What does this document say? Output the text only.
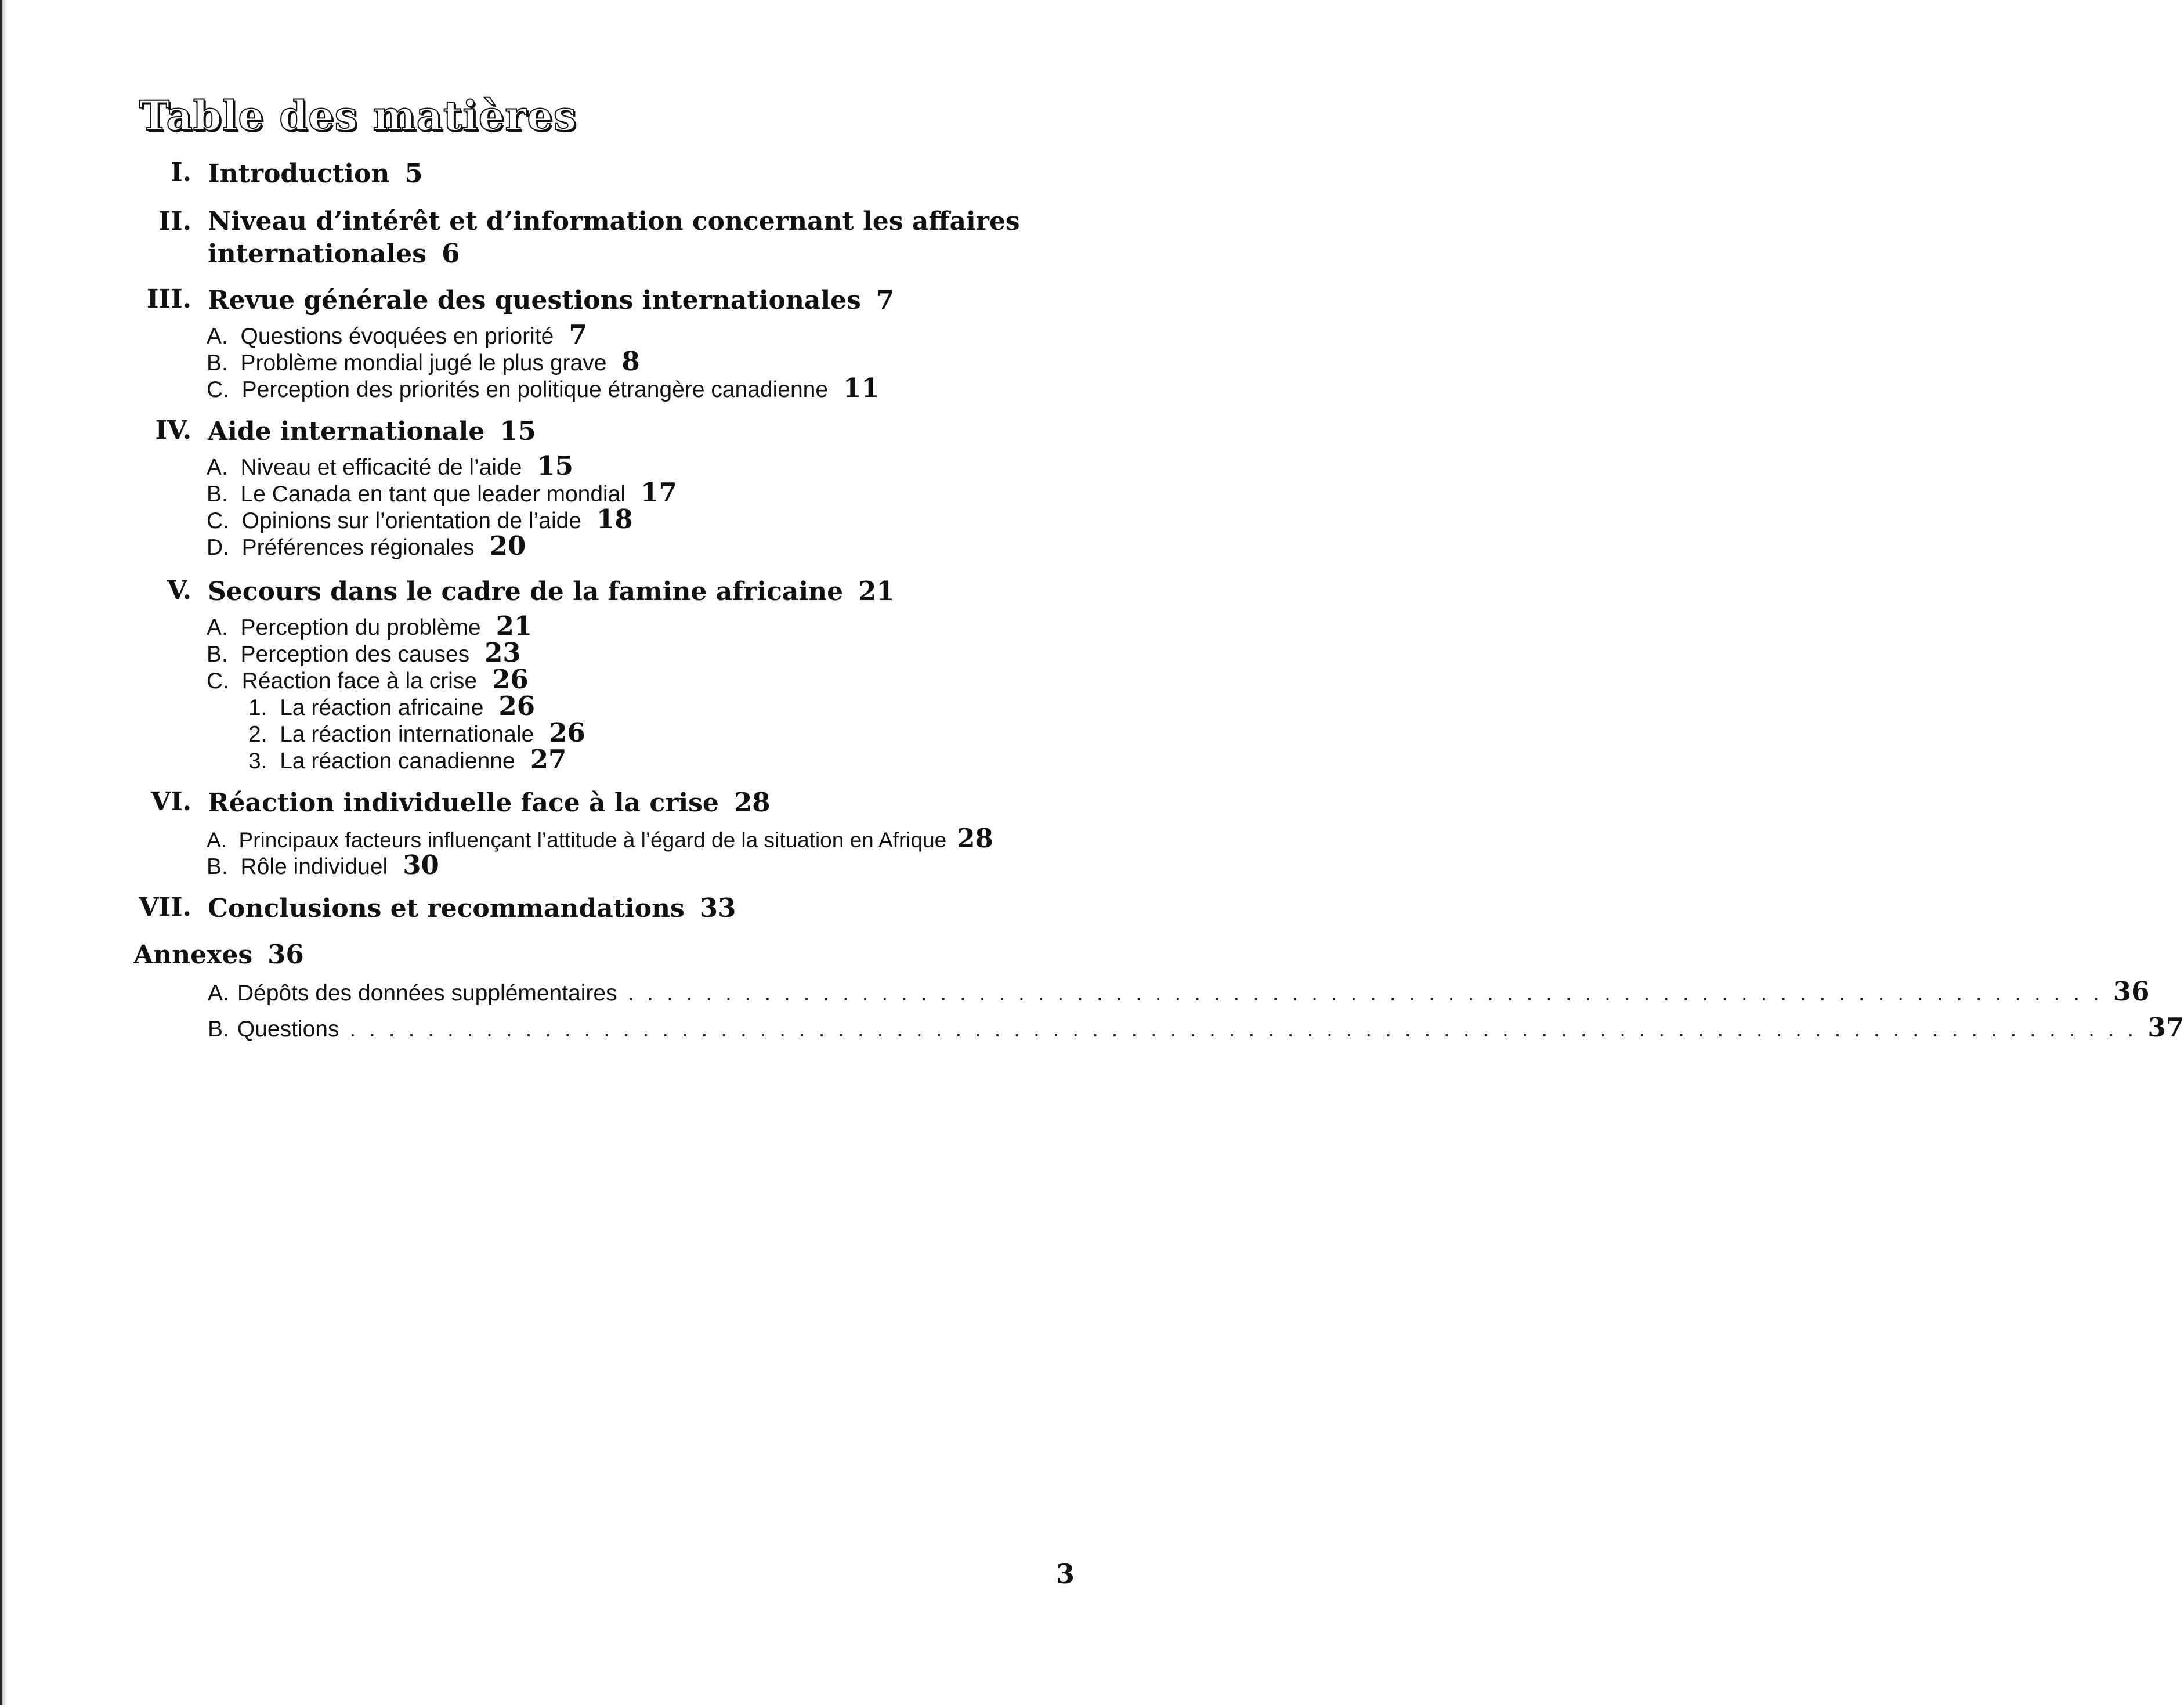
Table des matières
I. Introduction 5
II. Niveau d’intérêt et d’information concernant les affaires
internationales 6
III. Revue générale des questions internationales 7
A. Questions évoquées en priorité 7
B. Problème mondial jugé le plus grave 8
C. Perception des priorités en politique étrangère canadienne 11
IV. Aide internationale 15
A. Niveau et efficacité de l’aide 15
B. Le Canada en tant que leader mondial 17
C. Opinions sur l’orientation de l’aide 18
D. Préférences régionales 20
V. Secours dans le cadre de la famine africaine 21
A. Perception du problème 21
B. Perception des causes 23
C. Réaction face à la crise 26
1. La réaction africaine 26
2. La réaction internationale 26
3. La réaction canadienne 27
VI. Réaction individuelle face à la crise 28
A. Principaux facteurs influençant l’attitude à l’égard de la situation en Afrique 28
B. Rôle individuel 30
VII. Conclusions et recommandations 33
Annexes 36
A. Dépôts des données supplémentaires . . . . . . . . . . . . . . . . . . . . . . . . . . . . . . . . . . . . . . . . . . . . . . . . . . . . . . . . . . . . . . . . . . . . . . . . . . . . 36
B. Questions . . . . . . . . . . . . . . . . . . . . . . . . . . . . . . . . . . . . . . . . . . . . . . . . . . . . . . . . . . . . . . . . . . . . . . . . . . . . . . . . . . . . . . . . . . . . 37
3
